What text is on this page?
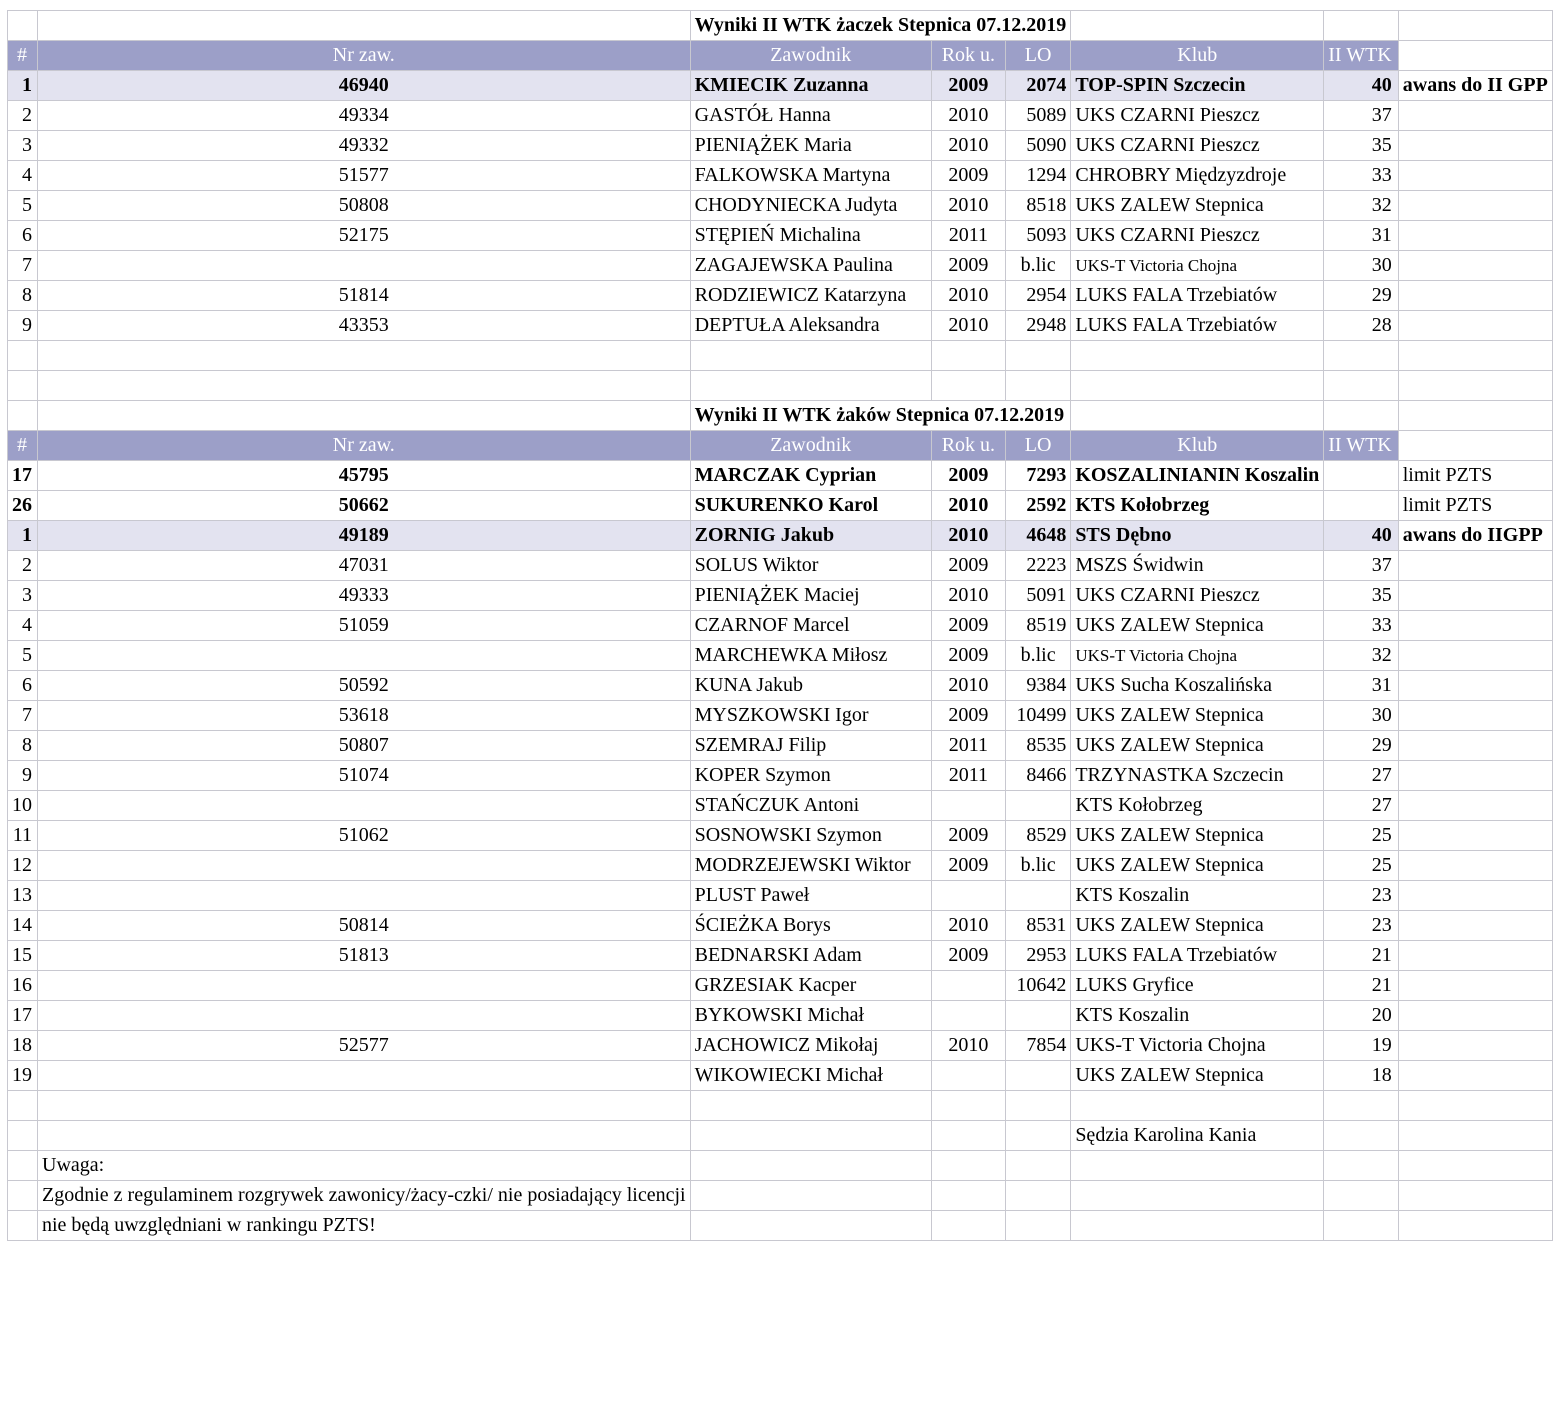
		Wyniki II WTK żaczek Stepnica 07.12.2019					
#	Nr zaw.	Zawodnik	Rok u.	LO	Klub	II WTK	
1	46940	KMIECIK Zuzanna	2009	2074	TOP-SPIN Szczecin	40	awans do II GPP
2	49334	GASTÓŁ Hanna	2010	5089	UKS CZARNI Pieszcz	37	
3	49332	PIENIĄŻEK Maria	2010	5090	UKS CZARNI Pieszcz	35	
4	51577	FALKOWSKA Martyna	2009	1294	CHROBRY Międzyzdroje	33	
5	50808	CHODYNIECKA Judyta	2010	8518	UKS ZALEW Stepnica	32	
6	52175	STĘPIEŃ Michalina	2011	5093	UKS CZARNI Pieszcz	31	
7		ZAGAJEWSKA Paulina	2009	b.lic	UKS-T Victoria Chojna	30	
8	51814	RODZIEWICZ Katarzyna	2010	2954	LUKS FALA Trzebiatów	29	
9	43353	DEPTUŁA Aleksandra	2010	2948	LUKS FALA Trzebiatów	28	

		Wyniki II WTK żaków Stepnica 07.12.2019					
#	Nr zaw.	Zawodnik	Rok u.	LO	Klub	II WTK	
17	45795	MARCZAK Cyprian	2009	7293	KOSZALINIANIN Koszalin		limit PZTS
26	50662	SUKURENKO Karol	2010	2592	KTS Kołobrzeg		limit PZTS
1	49189	ZORNIG Jakub	2010	4648	STS Dębno	40	awans do IIGPP
2	47031	SOLUS Wiktor	2009	2223	MSZS Świdwin	37	
3	49333	PIENIĄŻEK Maciej	2010	5091	UKS CZARNI Pieszcz	35	
4	51059	CZARNOF Marcel	2009	8519	UKS ZALEW Stepnica	33	
5		MARCHEWKA Miłosz	2009	b.lic	UKS-T Victoria Chojna	32	
6	50592	KUNA Jakub	2010	9384	UKS Sucha Koszalińska	31	
7	53618	MYSZKOWSKI Igor	2009	10499	UKS ZALEW Stepnica	30	
8	50807	SZEMRAJ Filip	2011	8535	UKS ZALEW Stepnica	29	
9	51074	KOPER Szymon	2011	8466	TRZYNASTKA Szczecin	27	
10		STAŃCZUK Antoni			KTS Kołobrzeg	27	
11	51062	SOSNOWSKI Szymon	2009	8529	UKS ZALEW Stepnica	25	
12		MODRZEJEWSKI Wiktor	2009	b.lic	UKS ZALEW Stepnica	25	
13		PLUST Paweł			KTS Koszalin	23	
14	50814	ŚCIEŻKA Borys	2010	8531	UKS ZALEW Stepnica	23	
15	51813	BEDNARSKI Adam	2009	2953	LUKS FALA Trzebiatów	21	
16		GRZESIAK Kacper		10642	LUKS Gryfice	21	
17		BYKOWSKI Michał			KTS Koszalin	20	
18	52577	JACHOWICZ Mikołaj	2010	7854	UKS-T Victoria Chojna	19	
19		WIKOWIECKI Michał			UKS ZALEW Stepnica	18	

					Sędzia Karolina Kania		
	Uwaga:						
	Zgodnie z regulaminem rozgrywek zawonicy/żacy-czki/ nie posiadający licencji						
	nie będą uwzględniani w rankingu PZTS!						
